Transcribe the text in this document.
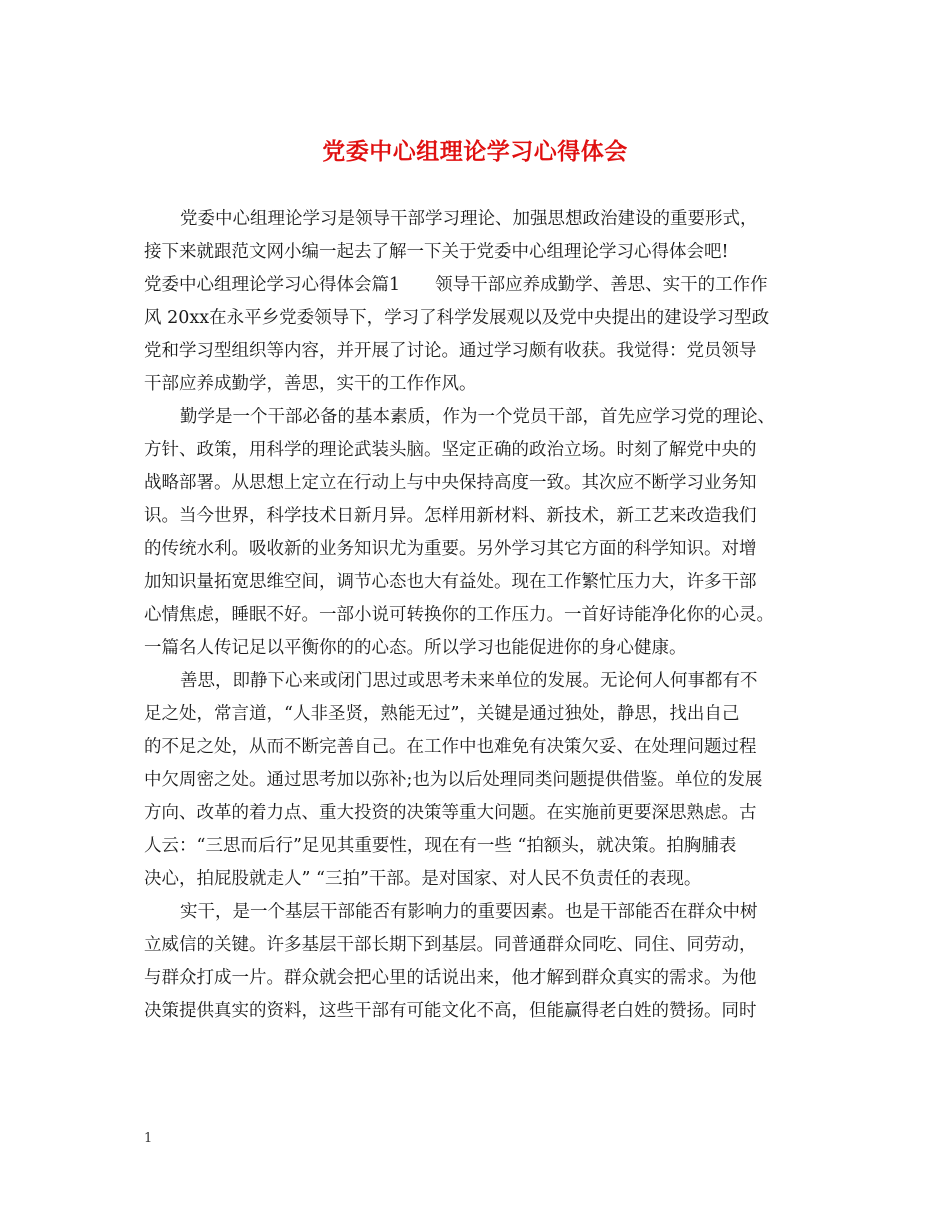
党委中心组理论学习心得体会
党委中心组理论学习是领导干部学习理论、加强思想政治建设的重要形式，
接下来就跟范文网小编一起去了解一下关于党委中心组理论学习心得体会吧!
党委中心组理论学习心得体会篇1　　领导干部应养成勤学、善思、实干的工作作
风 20xx在永平乡党委领导下，学习了科学发展观以及党中央提出的建设学习型政
党和学习型组织等内容，并开展了讨论。通过学习颇有收获。我觉得：党员领导
干部应养成勤学，善思，实干的工作作风。
勤学是一个干部必备的基本素质，作为一个党员干部，首先应学习党的理论、
方针、政策，用科学的理论武装头脑。坚定正确的政治立场。时刻了解党中央的
战略部署。从思想上定立在行动上与中央保持高度一致。其次应不断学习业务知
识。当今世界，科学技术日新月异。怎样用新材料、新技术，新工艺来改造我们
的传统水利。吸收新的业务知识尤为重要。另外学习其它方面的科学知识。对增
加知识量拓宽思维空间，调节心态也大有益处。现在工作繁忙压力大，许多干部
心情焦虑，睡眠不好。一部小说可转换你的工作压力。一首好诗能净化你的心灵。
一篇名人传记足以平衡你的的心态。所以学习也能促进你的身心健康。
善思，即静下心来或闭门思过或思考未来单位的发展。无论何人何事都有不
足之处，常言道，“人非圣贤，熟能无过”，关键是通过独处，静思，找出自己
的不足之处，从而不断完善自己。在工作中也难免有决策欠妥、在处理问题过程
中欠周密之处。通过思考加以弥补;也为以后处理同类问题提供借鉴。单位的发展
方向、改革的着力点、重大投资的决策等重大问题。在实施前更要深思熟虑。古
人云：“三思而后行”足见其重要性，现在有一些 “拍额头，就决策。拍胸脯表
决心，拍屁股就走人” “三拍”干部。是对国家、对人民不负责任的表现。
实干，是一个基层干部能否有影响力的重要因素。也是干部能否在群众中树
立威信的关键。许多基层干部长期下到基层。同普通群众同吃、同住、同劳动，
与群众打成一片。群众就会把心里的话说出来，他才解到群众真实的需求。为他
决策提供真实的资料，这些干部有可能文化不高，但能赢得老白姓的赞扬。同时
1
